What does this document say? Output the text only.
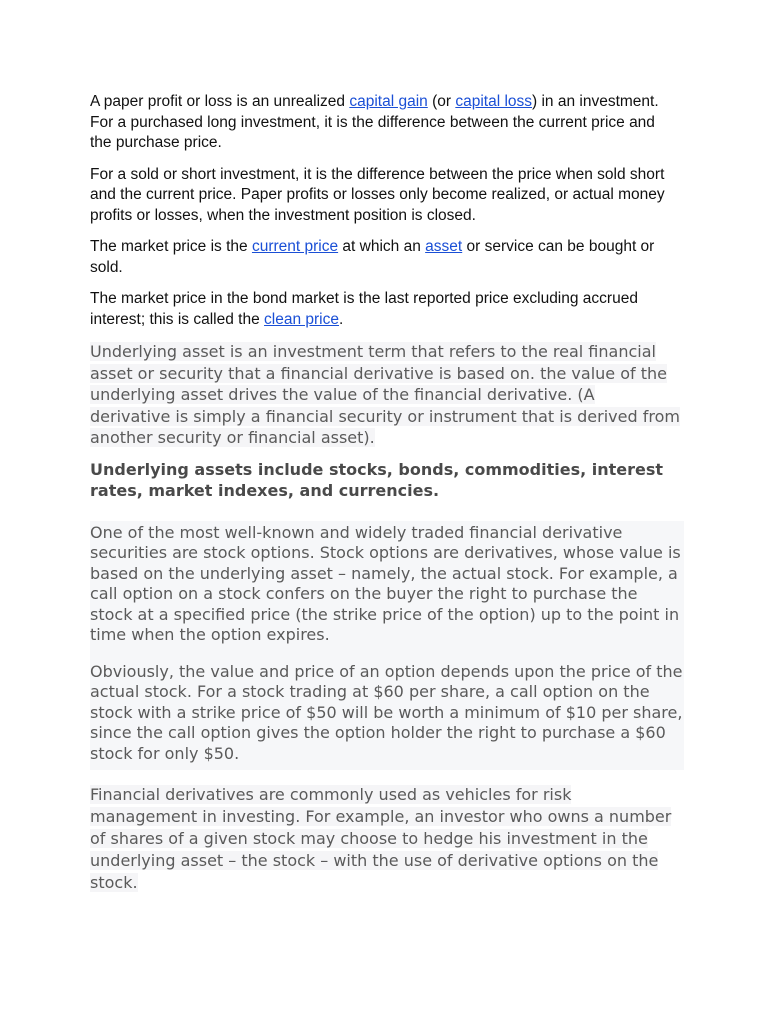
A paper profit or loss is an unrealized capital gain (or capital loss) in an investment. For a purchased long investment, it is the difference between the current price and the purchase price.

For a sold or short investment, it is the difference between the price when sold short and the current price. Paper profits or losses only become realized, or actual money profits or losses, when the investment position is closed.

The market price is the current price at which an asset or service can be bought or sold.

The market price in the bond market is the last reported price excluding accrued interest; this is called the clean price.

Underlying asset is an investment term that refers to the real financial asset or security that a financial derivative is based on. the value of the underlying asset drives the value of the financial derivative. (A derivative is simply a financial security or instrument that is derived from another security or financial asset).

Underlying assets include stocks, bonds, commodities, interest rates, market indexes, and currencies.

One of the most well-known and widely traded financial derivative securities are stock options. Stock options are derivatives, whose value is based on the underlying asset – namely, the actual stock. For example, a call option on a stock confers on the buyer the right to purchase the stock at a specified price (the strike price of the option) up to the point in time when the option expires.

Obviously, the value and price of an option depends upon the price of the actual stock. For a stock trading at $60 per share, a call option on the stock with a strike price of $50 will be worth a minimum of $10 per share, since the call option gives the option holder the right to purchase a $60 stock for only $50.

Financial derivatives are commonly used as vehicles for risk management in investing. For example, an investor who owns a number of shares of a given stock may choose to hedge his investment in the underlying asset – the stock – with the use of derivative options on the stock.
